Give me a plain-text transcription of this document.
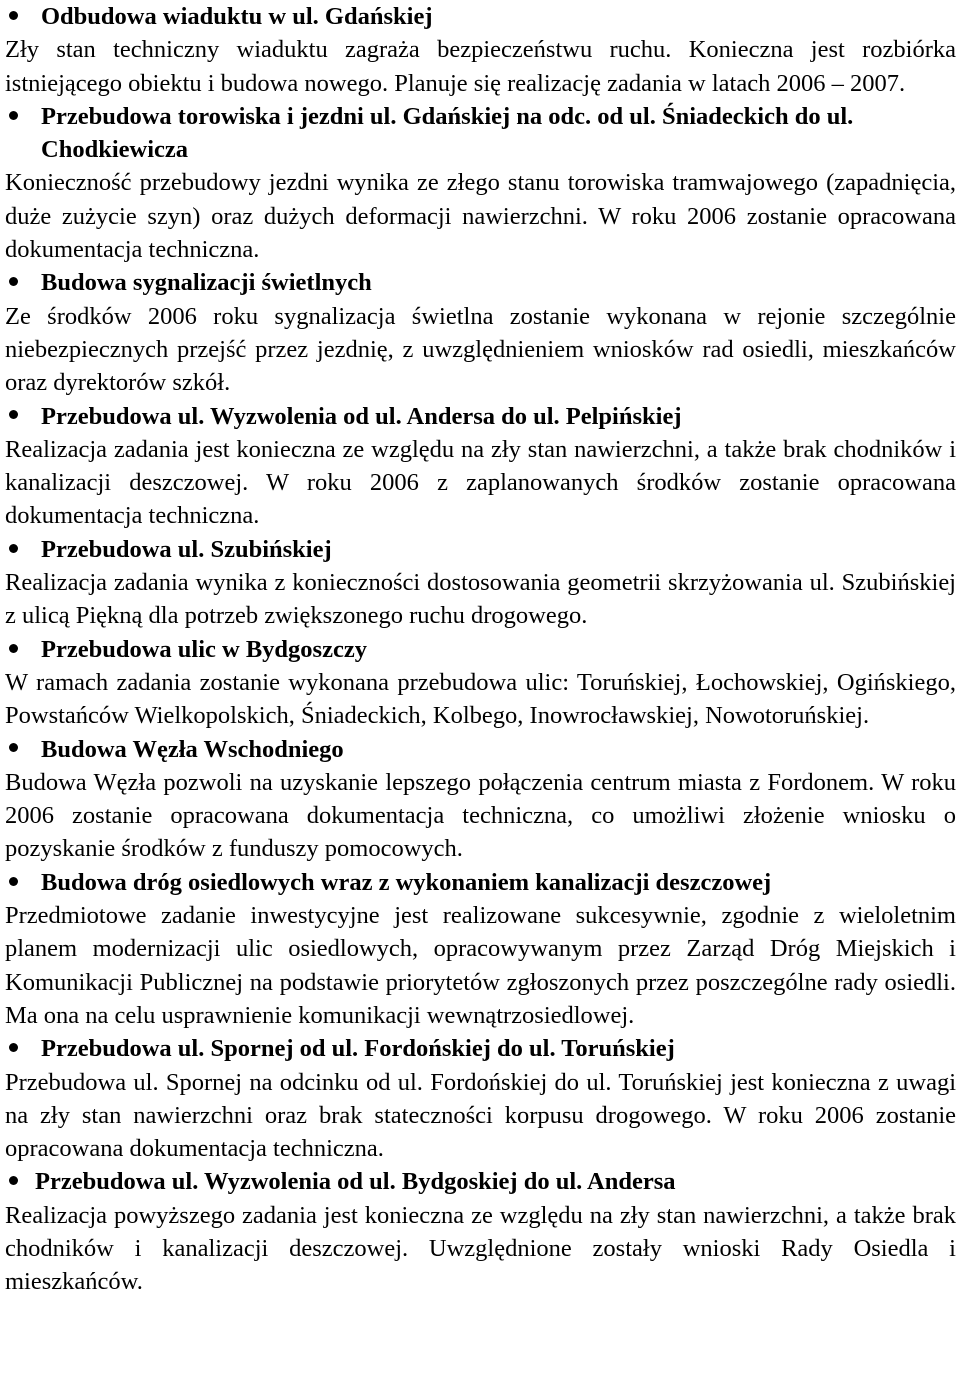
Odbudowa wiaduktu w ul. Gdańskiej
Zły stan techniczny wiaduktu zagraża bezpieczeństwu ruchu. Konieczna jest rozbiórka istniejącego obiektu i budowa nowego. Planuje się realizację zadania w latach 2006 – 2007.
Przebudowa torowiska i jezdni ul. Gdańskiej na odc. od ul. Śniadeckich do ul. Chodkiewicza
Konieczność przebudowy jezdni wynika ze złego stanu torowiska tramwajowego (zapadnięcia, duże zużycie szyn) oraz dużych deformacji nawierzchni. W roku 2006 zostanie opracowana dokumentacja techniczna.
Budowa sygnalizacji świetlnych
Ze środków 2006 roku sygnalizacja świetlna zostanie wykonana w rejonie szczególnie niebezpiecznych przejść przez jezdnię, z uwzględnieniem wniosków rad osiedli, mieszkańców oraz dyrektorów szkół.
Przebudowa ul. Wyzwolenia od ul. Andersa do ul. Pelpińskiej
Realizacja zadania jest konieczna ze względu na zły stan nawierzchni, a także brak chodników i kanalizacji deszczowej. W roku 2006 z zaplanowanych środków zostanie opracowana dokumentacja techniczna.
Przebudowa ul. Szubińskiej
Realizacja zadania wynika z konieczności dostosowania geometrii skrzyżowania ul. Szubińskiej z ulicą Piękną dla potrzeb zwiększonego ruchu drogowego.
Przebudowa ulic w Bydgoszczy
W ramach zadania zostanie wykonana przebudowa ulic: Toruńskiej, Łochowskiej, Ogińskiego, Powstańców Wielkopolskich, Śniadeckich, Kolbego, Inowrocławskiej, Nowotoruńskiej.
Budowa Węzła Wschodniego
Budowa Węzła pozwoli na uzyskanie lepszego połączenia centrum miasta z Fordonem. W roku 2006 zostanie opracowana dokumentacja techniczna, co umożliwi złożenie wniosku o pozyskanie środków z funduszy pomocowych.
Budowa dróg osiedlowych wraz z wykonaniem kanalizacji deszczowej
Przedmiotowe zadanie inwestycyjne jest realizowane sukcesywnie, zgodnie z wieloletnim planem modernizacji ulic osiedlowych, opracowywanym przez Zarząd Dróg Miejskich i Komunikacji Publicznej na podstawie priorytetów zgłoszonych przez poszczególne rady osiedli. Ma ona na celu usprawnienie komunikacji wewnątrzosiedlowej.
Przebudowa ul. Spornej od ul. Fordońskiej do ul. Toruńskiej
Przebudowa ul. Spornej na odcinku od ul. Fordońskiej do ul. Toruńskiej jest konieczna z uwagi na zły stan nawierzchni oraz brak stateczności korpusu drogowego. W roku 2006 zostanie opracowana dokumentacja techniczna.
Przebudowa ul. Wyzwolenia od ul. Bydgoskiej do ul. Andersa
Realizacja powyższego zadania jest konieczna ze względu na zły stan nawierzchni, a także brak chodników i kanalizacji deszczowej. Uwzględnione zostały wnioski Rady Osiedla i mieszkańców.
